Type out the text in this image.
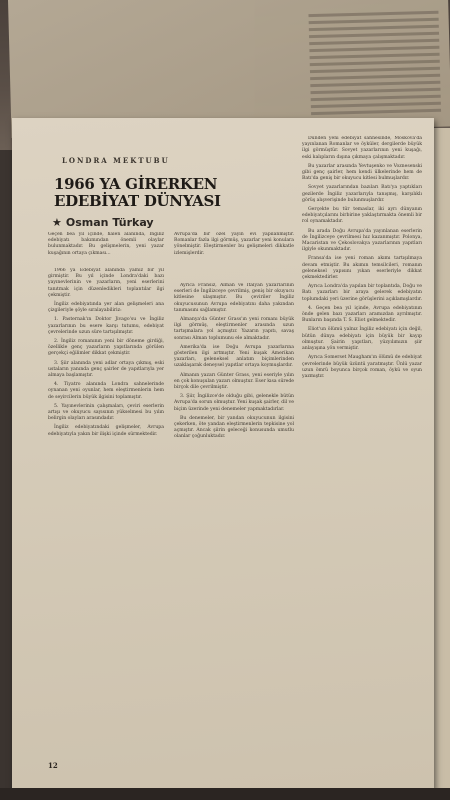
LONDRA MEKTUBU
1966 YA GİRERKEN EDEBİYAT DÜNYASI
★ Osman Türkay
Geçen bea yıl içinde, hâlen alanında, İngiliz edebiyatı bakımından önemli olaylar bulunmaktadır. Bu gelişmelerin, yeni yazar kuşağının ortaya çıkması...

1966 ya Edebiyat alanında yalnız bir yıl girmiştir. Bu yıl içinde Londra'daki bazı yayınevlerinin ve yazarların, yeni eserlerini tanıtmak için düzenledikleri toplantılar ilgi çekmiştir.

İngiliz edebiyatında yer alan gelişmeleri ana çizgileriyle şöyle sıralayabiliriz:

1. Pasternak'ın Doktor Jivago'su ve İngiliz yazarlarının bu esere karşı tutumu, edebiyat çevrelerinde uzun süre tartışılmıştır.

2. İngiliz romanının yeni bir döneme girdiği, özellikle genç yazarların yapıtlarında görülen gerçekçi eğilimler dikkat çekmiştir.

3. Şiir alanında yeni adlar ortaya çıkmış, eski ustaların yanında genç şairler de yapıtlarıyla yer almaya başlamıştır.

4. Tiyatro alanında Londra sahnelerinde oynanan yeni oyunlar, hem eleştirmenlerin hem de seyircilerin büyük ilgisini toplamıştır.

5. Yayınevlerinin çalışmaları, çeviri eserlerin artışı ve okuyucu sayısının yükselmesi bu yılın belirgin olayları arasındadır.

İngiliz edebiyatındaki gelişmeler, Avrupa edebiyatıyla yakın bir ilişki içinde sürmektedir.

Avrupa'da bir özel yayın evi yapılanmıştır. Romanlar fazla ilgi görmüş, yazarlar yeni konulara yönelmiştir. Eleştirmenler bu gelişmeleri dikkatle izlemişlerdir.

Ayrıca Fransız, Alman ve İtalyan yazarlarının eserleri de İngilizceye çevrilmiş, geniş bir okuyucu kitlesine ulaşmıştır. Bu çeviriler İngiliz okuyucusunun Avrupa edebiyatını daha yakından tanımasını sağlamıştır.

Almanya'da Günter Grass'ın yeni romanı büyük ilgi görmüş, eleştirmenler arasında uzun tartışmalara yol açmıştır. Yazarın yapıtı, savaş sonrası Alman toplumunu ele almaktadır.

Amerika'da ise Doğu Avrupa yazarlarına gösterilen ilgi artmıştır. Yeni kuşak Amerikan yazarları, geleneksel anlatım biçimlerinden uzaklaşarak deneysel yapıtlar ortaya koymuşlardır.

Almanın yazarı Günter Grass, yeni eseriyle yılın en çok konuşulan yazarı olmuştur. Eser kısa sürede birçok dile çevrilmiştir.

3. Şiir, İngilizce'de olduğu gibi, gelenekle bütün Avrupa'da sorun olmuştur. Yeni kuşak şairler, dil ve biçim üzerinde yeni denemeler yapmaktadırlar.

Bu denemeler, bir yandan okuyucunun ilgisini çekerken, öte yandan eleştirmenlerin tepkisine yol açmıştır. Ancak şiirin geleceği konusunda umutlu olanlar çoğunluktadır.

Dünden yeni edebiyat sahnesinde, Moskova'da yayınlanan Romanlar ve öyküler, dergilerde büyük ilgi görmüştür. Sovyet yazarlarının yeni kuşağı, eski kalıpların dışına çıkmaya çalışmaktadır.

Bu yazarlar arasında Yevtuşenko ve Voznesenski gibi genç şairler, hem kendi ülkelerinde hem de Batı'da geniş bir okuyucu kitlesi bulmuşlardır.

Sovyet yazarlarından bazıları Batı'ya yaptıkları gezilerde İngiliz yazarlarıyla tanışmış, karşılıklı görüş alışverişinde bulunmuşlardır.

Gerçekte bu tür temaslar, iki ayrı dünyanın edebiyatçılarını birbirine yaklaştırmakta önemli bir rol oynamaktadır.

Bu arada Doğu Avrupa'da yayınlanan eserlerin de İngilizceye çevrilmesi hız kazanmıştır. Polonya, Macaristan ve Çekoslovakya yazarlarının yapıtları ilgiyle okunmaktadır.

Fransa'da ise yeni roman akımı tartışılmaya devam etmiştir. Bu akımın temsilcileri, romanın geleneksel yapısını yıkan eserleriyle dikkat çekmektedirler.

Ayrıca Londra'da yapılan bir toplantıda, Doğu ve Batı yazarları bir araya gelerek edebiyatın toplumdaki yeri üzerine görüşlerini açıklamışlardır.

4. Geçen bea yıl içinde, Avrupa edebiyatının önde gelen bazı yazarları aramızdan ayrılmıştır. Bunların başında T. S. Eliot gelmektedir.

Eliot'un ölümü yalnız İngiliz edebiyatı için değil, bütün dünya edebiyatı için büyük bir kayıp olmuştur. Şairin yapıtları, yüzyılımızın şiir anlayışına yön vermiştir.

Ayrıca Somerset Maugham'ın ölümü de edebiyat çevrelerinde büyük üzüntü yaratmıştır. Ünlü yazar uzun ömrü boyunca birçok roman, öykü ve oyun yazmıştır.

12
